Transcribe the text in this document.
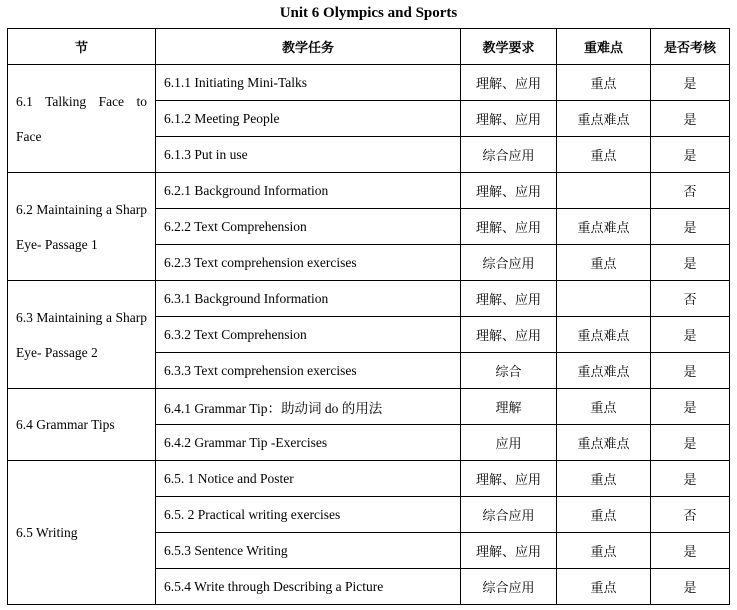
Unit 6 Olympics and Sports
节	教学任务	教学要求	重难点	是否考核
6.1 Talking Face to Face	6.1.1 Initiating Mini-Talks	理解、应用	重点	是
	6.1.2 Meeting People	理解、应用	重点难点	是
	6.1.3 Put in use	综合应用	重点	是
6.2 Maintaining a Sharp Eye- Passage 1	6.2.1 Background Information	理解、应用		否
	6.2.2 Text Comprehension	理解、应用	重点难点	是
	6.2.3 Text comprehension exercises	综合应用	重点	是
6.3 Maintaining a Sharp Eye- Passage 2	6.3.1 Background Information	理解、应用		否
	6.3.2 Text Comprehension	理解、应用	重点难点	是
	6.3.3 Text comprehension exercises	综合	重点难点	是
6.4 Grammar Tips	6.4.1 Grammar Tip：助动词 do 的用法	理解	重点	是
	6.4.2 Grammar Tip -Exercises	应用	重点难点	是
6.5 Writing	6.5. 1 Notice and Poster	理解、应用	重点	是
	6.5. 2 Practical writing exercises	综合应用	重点	否
	6.5.3 Sentence Writing	理解、应用	重点	是
	6.5.4 Write through Describing a Picture	综合应用	重点	是
